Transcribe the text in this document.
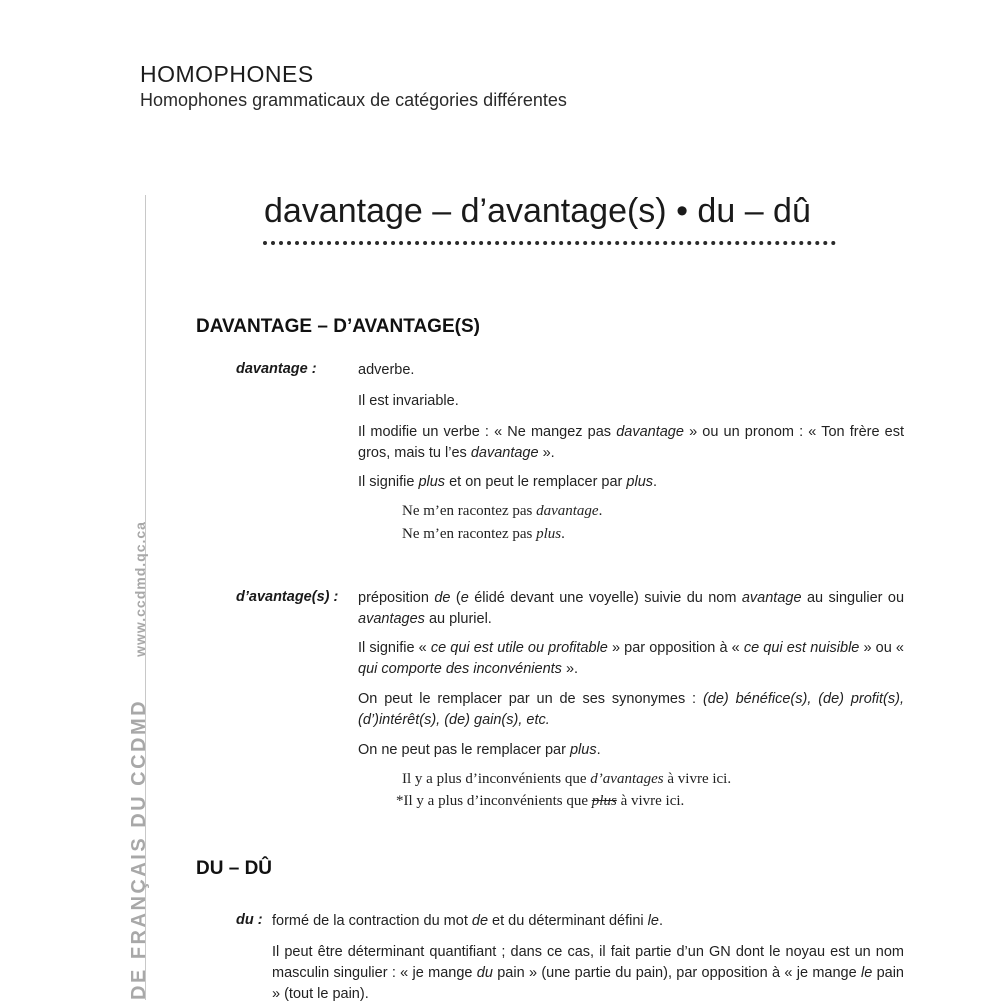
HOMOPHONES
Homophones grammaticaux de catégories différentes
DE FRANÇAIS DU CCDMDwww.ccdmd.qc.ca
davantage – d’avantage(s) • du – dû
DAVANTAGE – D’AVANTAGE(S)
davantage :	adverbe.
Il est invariable.
Il modifie un verbe : « Ne mangez pas davantage » ou un pronom : « Ton frère est gros, mais tu l’es davantage ».
Il signifie plus et on peut le remplacer par plus.
Ne m’en racontez pas davantage.
Ne m’en racontez pas plus.
d’avantage(s) : préposition de (e élidé devant une voyelle) suivie du nom avantage au singulier ou avantages au pluriel.
Il signifie « ce qui est utile ou profitable » par opposition à « ce qui est nuisible » ou « qui comporte des inconvénients ».
On peut le remplacer par un de ses synonymes : (de) bénéfice(s), (de) profit(s), (d’)intérêt(s), (de) gain(s), etc.
On ne peut pas le remplacer par plus.
Il y a plus d’inconvénients que d’avantages à vivre ici.
*Il y a plus d’inconvénients que plus à vivre ici.
DU – DÛ
du : formé de la contraction du mot de et du déterminant défini le.
Il peut être déterminant quantifiant ; dans ce cas, il fait partie d’un GN dont le noyau est un nom masculin singulier : « je mange du pain » (une partie du pain), par opposition à « je mange le pain » (tout le pain).
